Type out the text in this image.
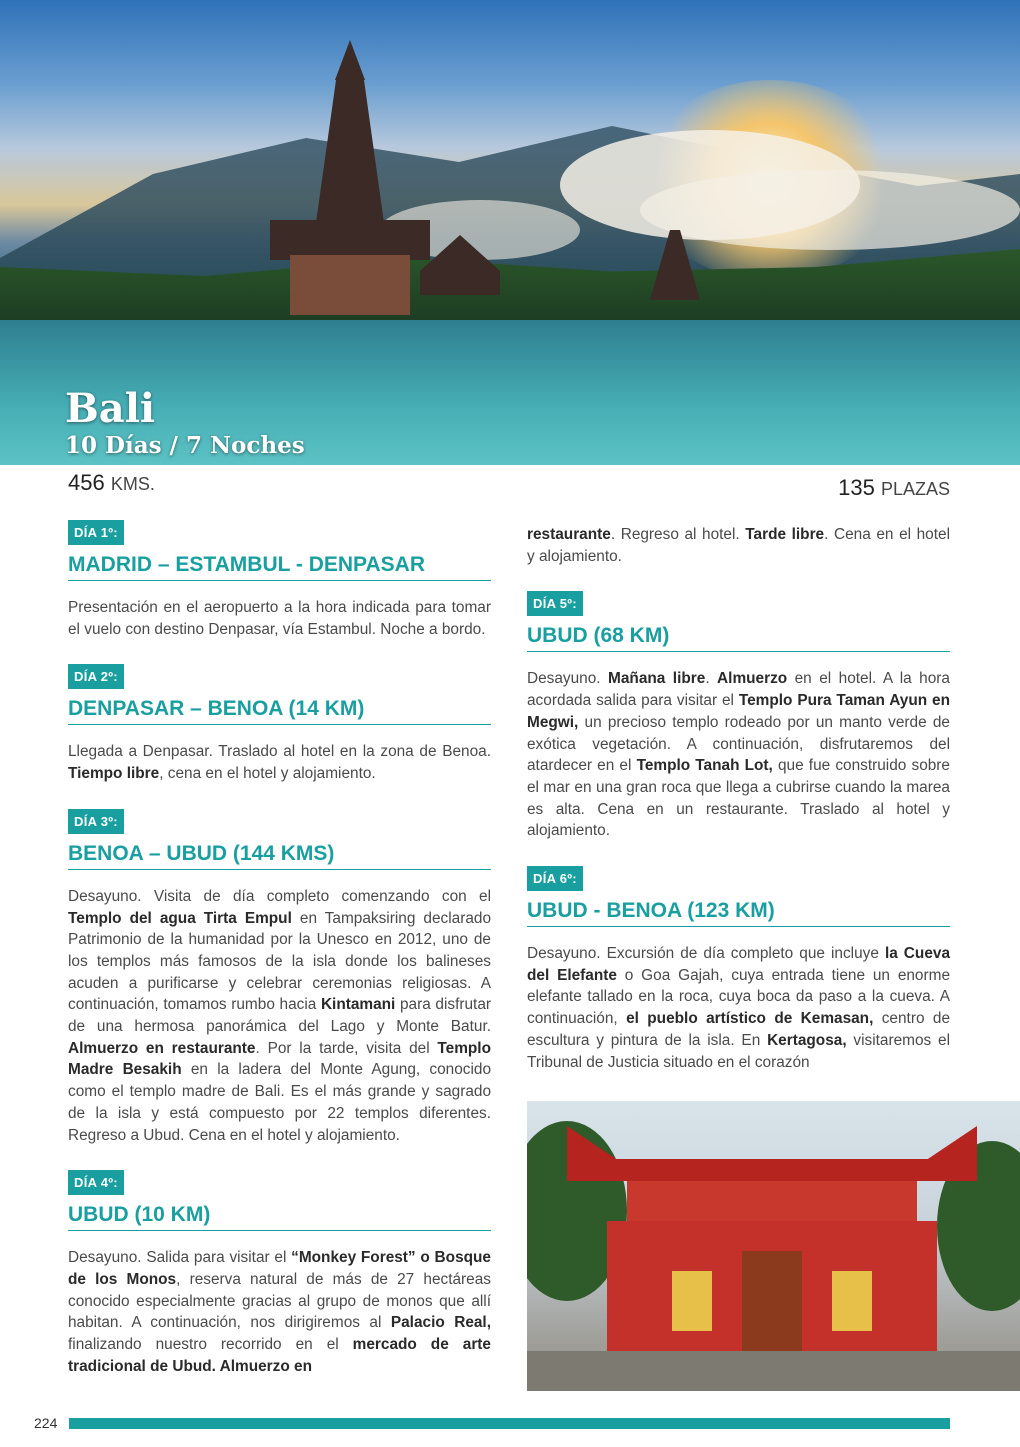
Bali
10 Días / 7 Noches
456 KMS.	135 PLAZAS
DÍA 1º:
MADRID – ESTAMBUL - DENPASAR
Presentación en el aeropuerto a la hora indicada para tomar el vuelo con destino Denpasar, vía Estambul. Noche a bordo.
DÍA 2º:
DENPASAR – BENOA (14 KM)
Llegada a Denpasar. Traslado al hotel en la zona de Benoa. Tiempo libre, cena en el hotel y alojamiento.
DÍA 3º:
BENOA – UBUD (144 KMS)
Desayuno. Visita de día completo comenzando con el Templo del agua Tirta Empul en Tampaksiring declarado Patrimonio de la humanidad por la Unesco en 2012, uno de los templos más famosos de la isla donde los balineses acuden a purificarse y celebrar ceremonias religiosas. A continuación, tomamos rumbo hacia Kintamani para disfrutar de una hermosa panorámica del Lago y Monte Batur. Almuerzo en restaurante. Por la tarde, visita del Templo Madre Besakih en la ladera del Monte Agung, conocido como el templo madre de Bali. Es el más grande y sagrado de la isla y está compuesto por 22 templos diferentes. Regreso a Ubud. Cena en el hotel y alojamiento.
DÍA 4º:
UBUD (10 KM)
Desayuno. Salida para visitar el “Monkey Forest” o Bosque de los Monos, reserva natural de más de 27 hectáreas conocido especialmente gracias al grupo de monos que allí habitan. A continuación, nos dirigiremos al Palacio Real, finalizando nuestro recorrido en el mercado de arte tradicional de Ubud. Almuerzo en
restaurante. Regreso al hotel. Tarde libre. Cena en el hotel y alojamiento.
DÍA 5º:
UBUD (68 KM)
Desayuno. Mañana libre. Almuerzo en el hotel. A la hora acordada salida para visitar el Templo Pura Taman Ayun en Megwi, un precioso templo rodeado por un manto verde de exótica vegetación. A continuación, disfrutaremos del atardecer en el Templo Tanah Lot, que fue construido sobre el mar en una gran roca que llega a cubrirse cuando la marea es alta. Cena en un restaurante. Traslado al hotel y alojamiento.
DÍA 6º:
UBUD - BENOA (123 KM)
Desayuno. Excursión de día completo que incluye la Cueva del Elefante o Goa Gajah, cuya entrada tiene un enorme elefante tallado en la roca, cuya boca da paso a la cueva. A continuación, el pueblo artístico de Kemasan, centro de escultura y pintura de la isla. En Kertagosa, visitaremos el Tribunal de Justicia situado en el corazón
224
